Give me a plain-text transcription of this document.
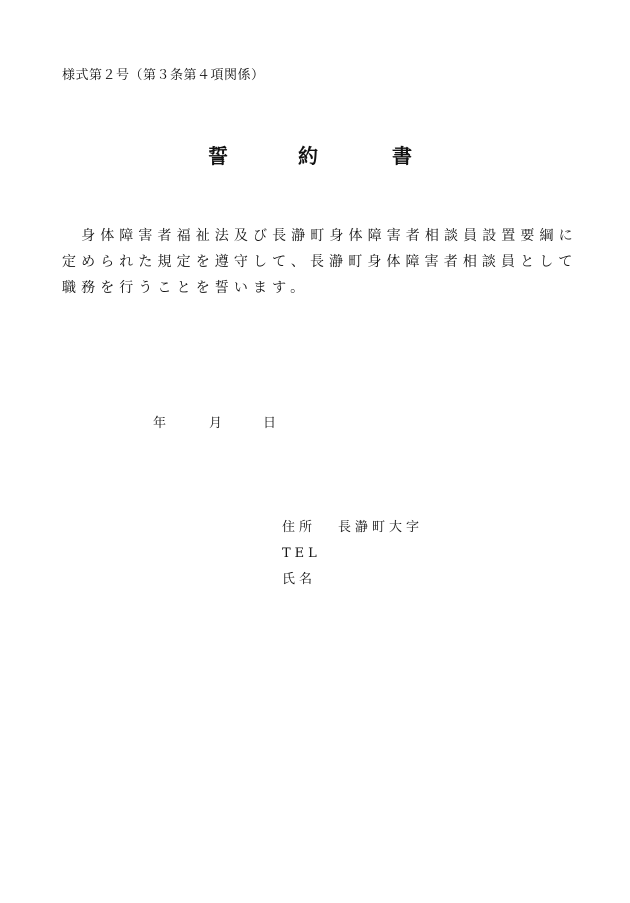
様式第２号（第３条第４項関係）
誓	約	書
　身体障害者福祉法及び長瀞町身体障害者相談員設置要綱に
定められた規定を遵守して、長瀞町身体障害者相談員として
職務を行うことを誓います。
年	月	日
住所 長瀞町大字
TEL
氏名
